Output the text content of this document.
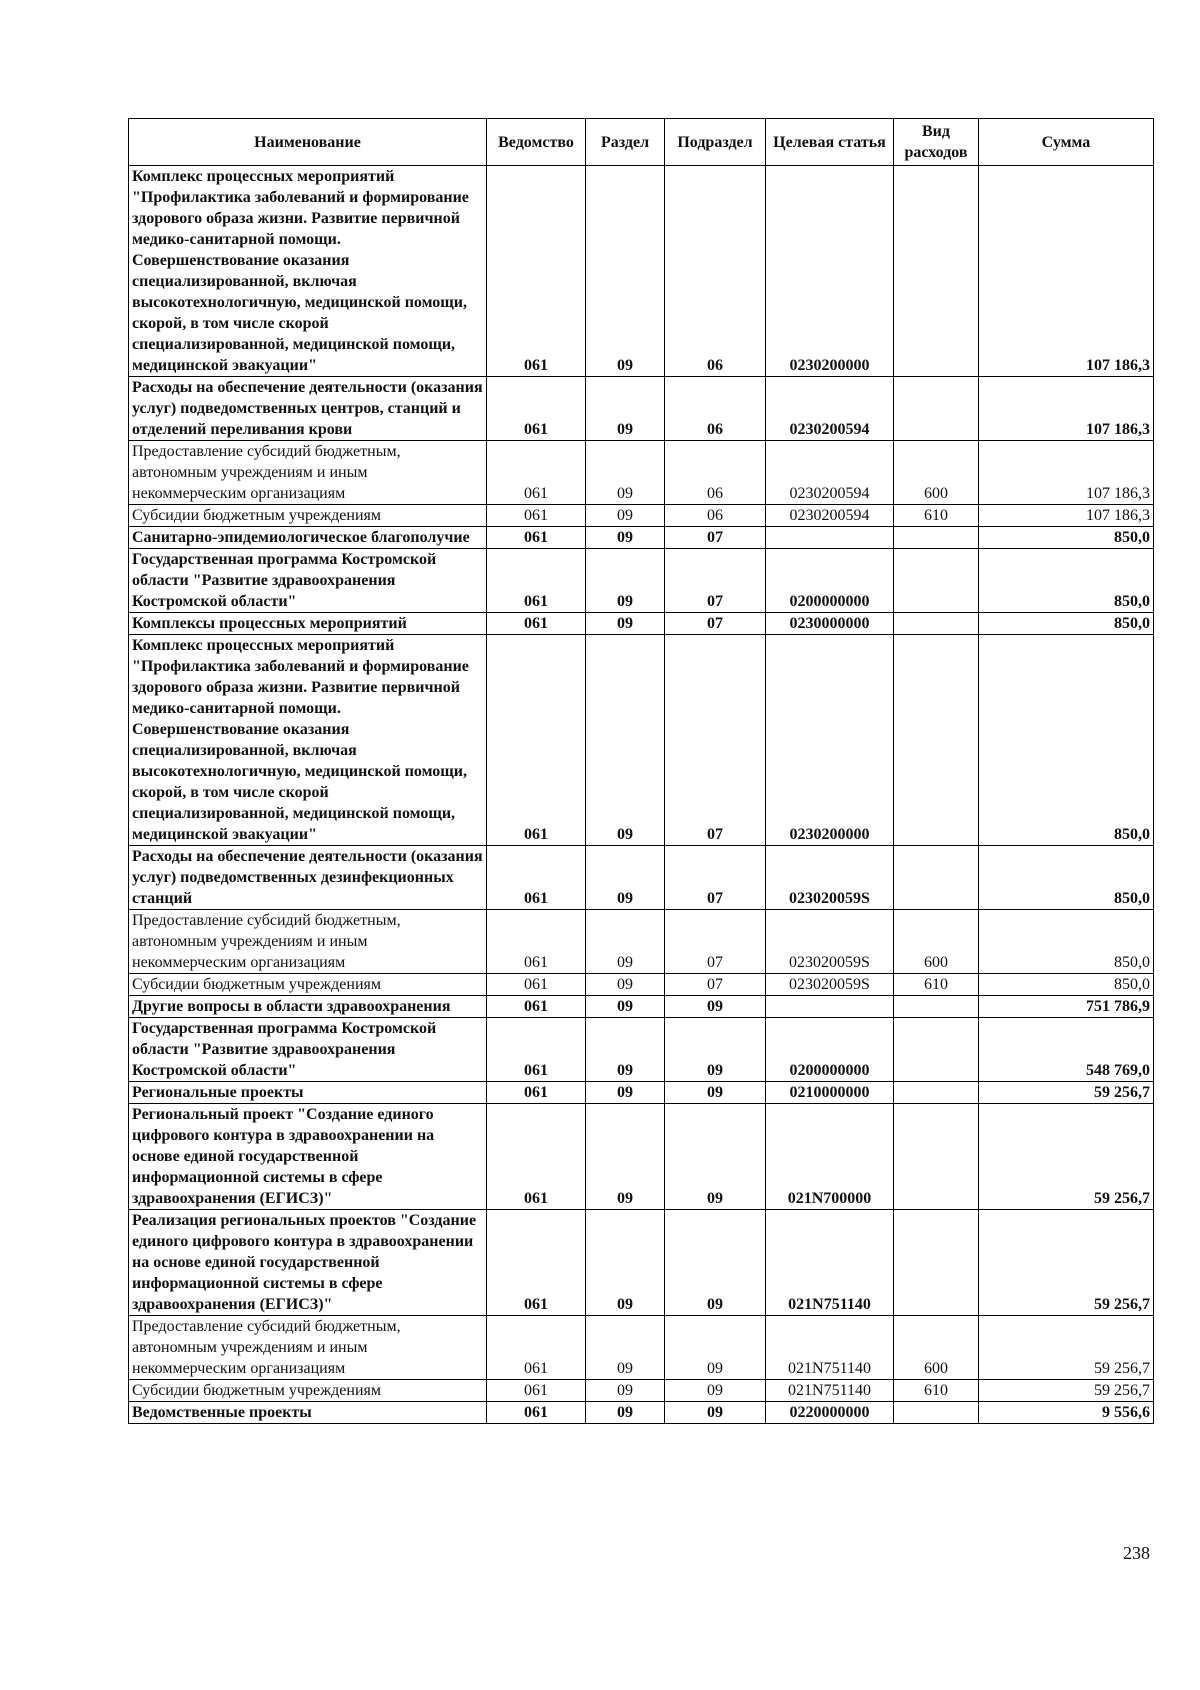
Наименование	Ведомство	Раздел	Подраздел	Целевая статья	Вид расходов	Сумма
Комплекс процессных мероприятий "Профилактика заболеваний и формирование здорового образа жизни. Развитие первичной медико-санитарной помощи. Совершенствование оказания специализированной, включая высокотехнологичную, медицинской помощи, скорой, в том числе скорой специализированной, медицинской помощи, медицинской эвакуации"	061	09	06	0230200000		107 186,3
Расходы на обеспечение деятельности (оказания услуг) подведомственных центров, станций и отделений переливания крови	061	09	06	0230200594		107 186,3
Предоставление субсидий бюджетным, автономным учреждениям и иным некоммерческим организациям	061	09	06	0230200594	600	107 186,3
Субсидии бюджетным учреждениям	061	09	06	0230200594	610	107 186,3
Санитарно-эпидемиологическое благополучие	061	09	07			850,0
Государственная программа Костромской области "Развитие здравоохранения Костромской области"	061	09	07	0200000000		850,0
Комплексы процессных мероприятий	061	09	07	0230000000		850,0
Комплекс процессных мероприятий "Профилактика заболеваний и формирование здорового образа жизни. Развитие первичной медико-санитарной помощи. Совершенствование оказания специализированной, включая высокотехнологичную, медицинской помощи, скорой, в том числе скорой специализированной, медицинской помощи, медицинской эвакуации"	061	09	07	0230200000		850,0
Расходы на обеспечение деятельности (оказания услуг) подведомственных дезинфекционных станций	061	09	07	023020059S		850,0
Предоставление субсидий бюджетным, автономным учреждениям и иным некоммерческим организациям	061	09	07	023020059S	600	850,0
Субсидии бюджетным учреждениям	061	09	07	023020059S	610	850,0
Другие вопросы в области здравоохранения	061	09	09			751 786,9
Государственная программа Костромской области "Развитие здравоохранения Костромской области"	061	09	09	0200000000		548 769,0
Региональные проекты	061	09	09	0210000000		59 256,7
Региональный проект "Создание единого цифрового контура в здравоохранении на основе единой государственной информационной системы в сфере здравоохранения (ЕГИСЗ)"	061	09	09	021N700000		59 256,7
Реализация региональных проектов "Создание единого цифрового контура в здравоохранении на основе единой государственной информационной системы в сфере здравоохранения (ЕГИСЗ)"	061	09	09	021N751140		59 256,7
Предоставление субсидий бюджетным, автономным учреждениям и иным некоммерческим организациям	061	09	09	021N751140	600	59 256,7
Субсидии бюджетным учреждениям	061	09	09	021N751140	610	59 256,7
Ведомственные проекты	061	09	09	0220000000		9 556,6
238
